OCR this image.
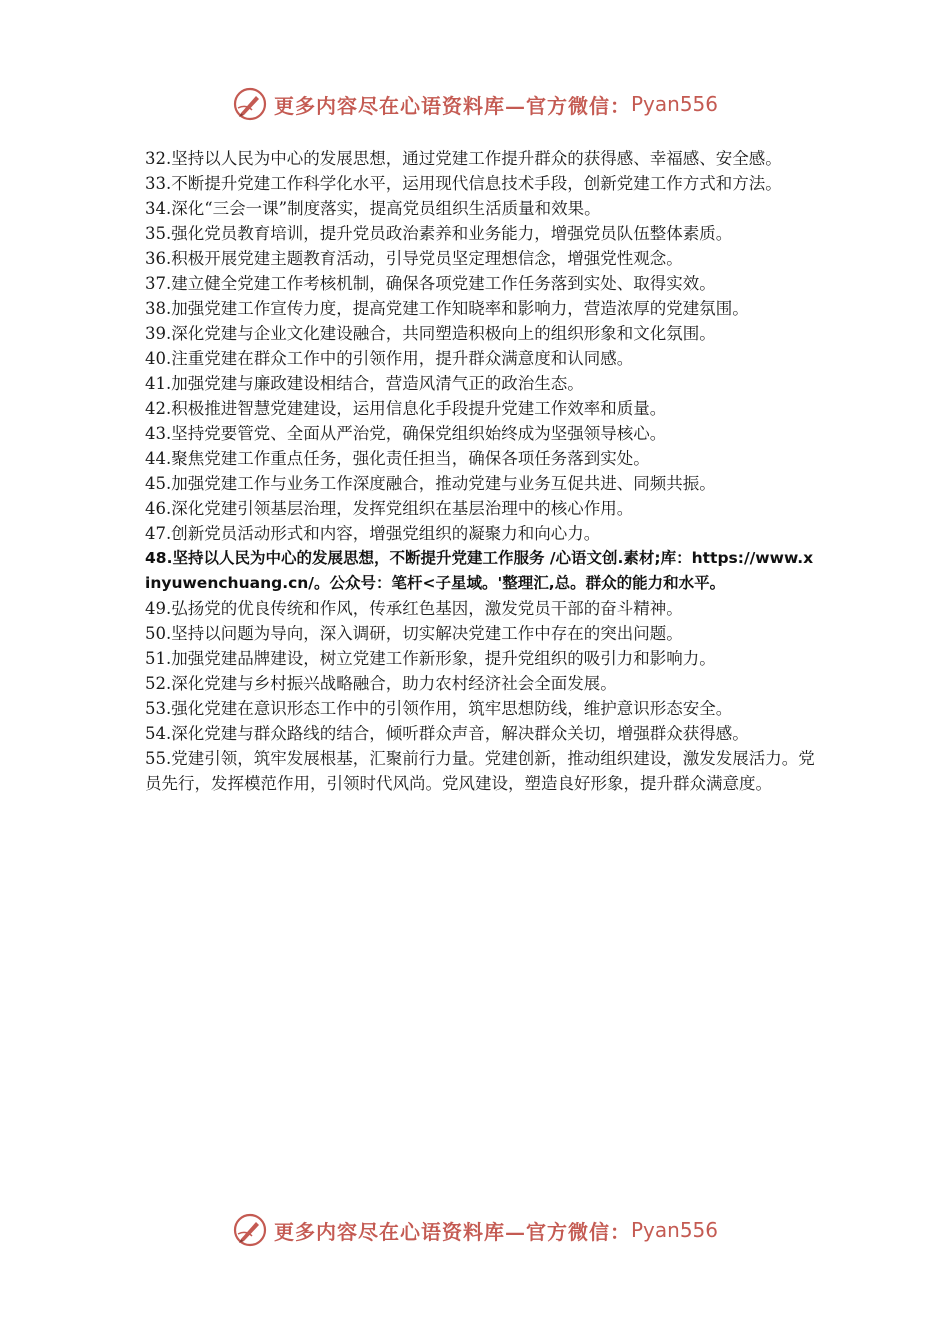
更多内容尽在心语资料库—官方微信： Pyan556

32.坚持以人民为中心的发展思想，通过党建工作提升群众的获得感、幸福感、安全感。

33.不断提升党建工作科学化水平，运用现代信息技术手段，创新党建工作方式和方法。

34.深化“三会一课”制度落实，提高党员组织生活质量和效果。

35.强化党员教育培训，提升党员政治素养和业务能力，增强党员队伍整体素质。

36.积极开展党建主题教育活动，引导党员坚定理想信念，增强党性观念。

37.建立健全党建工作考核机制，确保各项党建工作任务落到实处、取得实效。

38.加强党建工作宣传力度，提高党建工作知晓率和影响力，营造浓厚的党建氛围。

39.深化党建与企业文化建设融合，共同塑造积极向上的组织形象和文化氛围。

40.注重党建在群众工作中的引领作用，提升群众满意度和认同感。

41.加强党建与廉政建设相结合，营造风清气正的政治生态。

42.积极推进智慧党建建设，运用信息化手段提升党建工作效率和质量。

43.坚持党要管党、全面从严治党，确保党组织始终成为坚强领导核心。

44.聚焦党建工作重点任务，强化责任担当，确保各项任务落到实处。

45.加强党建工作与业务工作深度融合，推动党建与业务互促共进、同频共振。

46.深化党建引领基层治理，发挥党组织在基层治理中的核心作用。

47.创新党员活动形式和内容，增强党组织的凝聚力和向心力。

48.坚持以人民为中心的发展思想，不断提升党建工作服务 /心语文创.素材;库：https://www.xinyuwenchuang.cn/。公众号：笔杆<子星域。'整理汇,总。群众的能力和水平。

49.弘扬党的优良传统和作风，传承红色基因，激发党员干部的奋斗精神。

50.坚持以问题为导向，深入调研，切实解决党建工作中存在的突出问题。

51.加强党建品牌建设，树立党建工作新形象，提升党组织的吸引力和影响力。

52.深化党建与乡村振兴战略融合，助力农村经济社会全面发展。

53.强化党建在意识形态工作中的引领作用，筑牢思想防线，维护意识形态安全。

54.深化党建与群众路线的结合，倾听群众声音，解决群众关切，增强群众获得感。

55.党建引领，筑牢发展根基，汇聚前行力量。党建创新，推动组织建设，激发发展活力。党员先行，发挥模范作用，引领时代风尚。党风建设，塑造良好形象，提升群众满意度。

更多内容尽在心语资料库—官方微信： Pyan556
